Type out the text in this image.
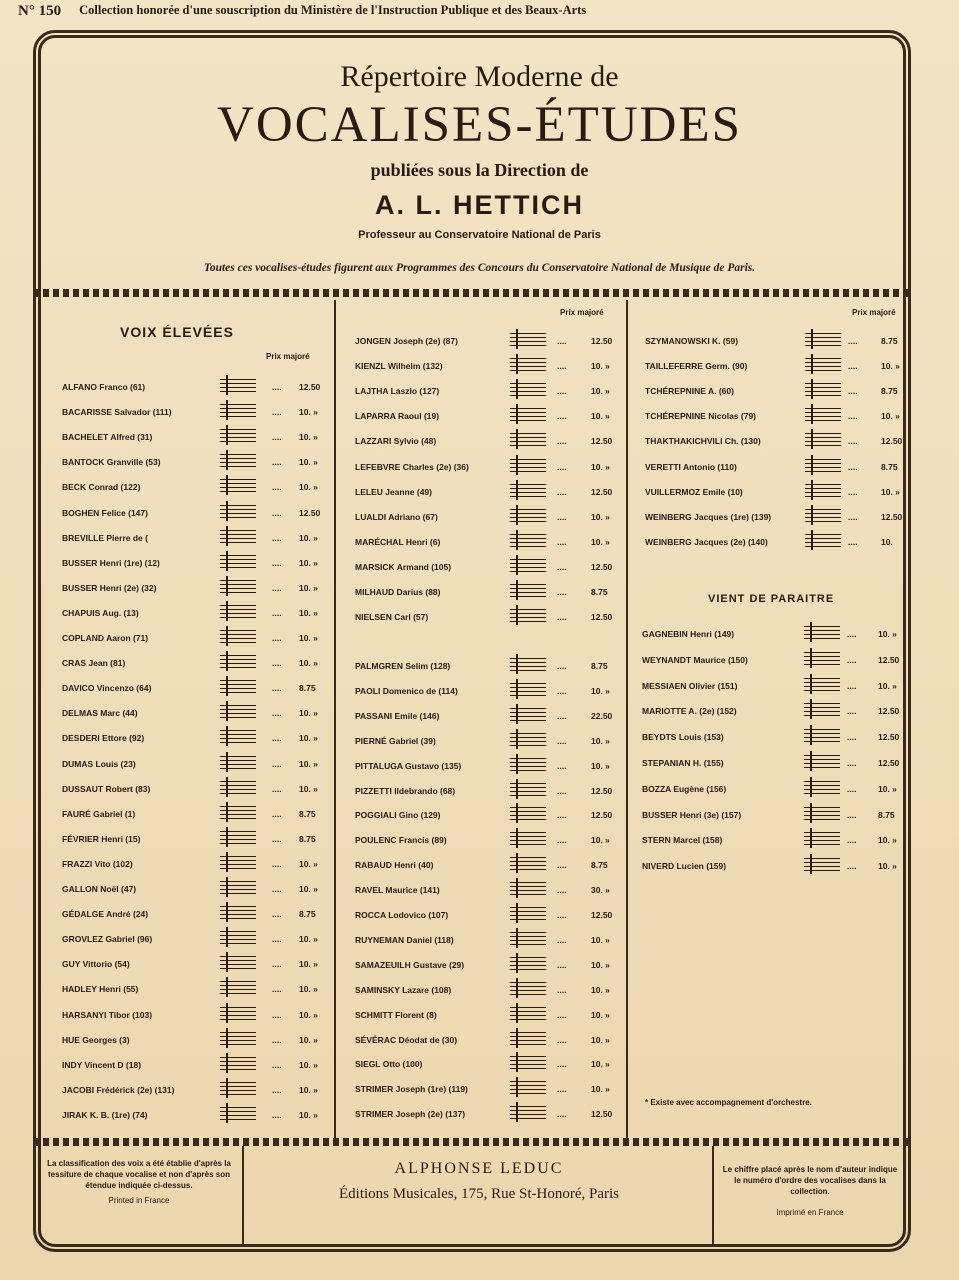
N° 150 Collection honorée d'une souscription du Ministère de l'Instruction Publique et des Beaux-Arts
Répertoire Moderne de
VOCALISES-ÉTUDES
publiées sous la Direction de
A. L. HETTICH
Professeur au Conservatoire National de Paris
Toutes ces vocalises-études figurent aux Programmes des Concours du Conservatoire National de Musique de Paris.
VOIX ÉLEVÉES
Prix majoré
Prix majoré	Prix majoré
VIENT DE PARAITRE
ALFANO Franco (61)	.... 12.50
BACARISSE Salvador (111)	.... 10. »
BACHELET Alfred (31)	.... 10. »
BANTOCK Granville (53)	.... 10. »
BECK Conrad (122)	.... 10. »
BOGHEN Felice (147)	.... 12.50
BREVILLE Pierre de (	.... 10. »
BUSSER Henri (1re) (12)	.... 10. »
BUSSER Henri (2e) (32)	.... 10. »
CHAPUIS Aug. (13)	.... 10. »
COPLAND Aaron (71)	.... 10. »
CRAS Jean (81)	.... 10. »
DAVICO Vincenzo (64)	.... 8.75
DELMAS Marc (44)	.... 10. »
DESDERI Ettore (92)	.... 10. »
DUMAS Louis (23)	.... 10. »
DUSSAUT Robert (83)	.... 10. »
FAURÉ Gabriel (1)	.... 8.75
FÉVRIER Henri (15)	.... 8.75
FRAZZI Vito (102)	.... 10. »
GALLON Noël (47)	.... 10. »
GÉDALGE André (24)	.... 8.75
GROVLEZ Gabriel (96)	.... 10. »
GUY Vittorio (54)	.... 10. »
HADLEY Henri (55)	.... 10. »
HARSANYI Tibor (103)	.... 10. »
HUE Georges (3)	.... 10. »
INDY Vincent D (18)	.... 10. »
JACOBI Frédérick (2e) (131)	.... 10. »
JIRAK K. B. (1re) (74)	.... 10. »
JONGEN Joseph (2e) (87)	....	12.50
KIENZL Wilhelm (132)	....	10. »
LAJTHA Laszlo (127)	....	10. »
LAPARRA Raoul (19)	....	10. »
LAZZARI Sylvio (48)	....	12.50
LEFEBVRE Charles (2e) (36)	....	10. »
LELEU Jeanne (49)	....	12.50
LUALDI Adriano (67)	....	10. »
MARÉCHAL Henri (6)	....	10. »
MARSICK Armand (105)	....	12.50
MILHAUD Darius (88)	....	8.75
NIELSEN Carl (57)	....	12.50
PALMGREN Selim (128)	....	8.75
PAOLI Domenico de (114)	....	10. »
PASSANI Emile (146)	....	22.50
PIERNÉ Gabriel (39)	....	10. »
PITTALUGA Gustavo (135)	....	10. »
PIZZETTI Ildebrando (68)	....	12.50
POGGIALI Gino (129)	....	12.50
POULENC Francis (89)	....	10. »
RABAUD Henri (40)	....	8.75
RAVEL Maurice (141)	....	30. »
ROCCA Lodovico (107)	....	12.50
RUYNEMAN Daniel (118)	....	10. »
SAMAZEUILH Gustave (29)	....	10. »
SAMINSKY Lazare (108)	....	10. »
SCHMITT Florent (8)	....	10. »
SÉVÉRAC Déodat de (30)	....	10. »
SIEGL Otto (100)	....	10. »
STRIMER Joseph (1re) (119)	....	10. »
STRIMER Joseph (2e) (137)	....	12.50
SZYMANOWSKI K. (59)	....	8.75
TAILLEFERRE Germ. (90)	....	10. »
TCHÉREPNINE A. (60)	....	8.75
TCHÉREPNINE Nicolas (79)	....	10. »
THAKTHAKICHVILI Ch. (130)	....	12.50
VERETTI Antonio (110)	....	8.75
VUILLERMOZ Emile (10)	....	10. »
WEINBERG Jacques (1re) (139)	....	12.50
WEINBERG Jacques (2e) (140)	....	10.
GAGNEBIN Henri (149)	....	10. »
WEYNANDT Maurice (150)	....	12.50
MESSIAEN Olivier (151)	....	10. »
MARIOTTE A. (2e) (152)	....	12.50
BEYDTS Louis (153)	....	12.50
STEPANIAN H. (155)	....	12.50
BOZZA Eugène (156)	....	10. »
BUSSER Henri (3e) (157)	....	8.75
STERN Marcel (158)	....	10. »
NIVERD Lucien (159)	....	10. »
* Existe avec accompagnement d'orchestre.
La classification des voix a été établie d'après la tessiture de chaque vocalise et non d'après son étendue indiquée ci-dessus.
Printed in France
ALPHONSE LEDUC
Éditions Musicales, 175, Rue St-Honoré, Paris
Le chiffre placé après le nom d'auteur indique le numéro d'ordre des vocalises dans la collection.
Imprimé en France
